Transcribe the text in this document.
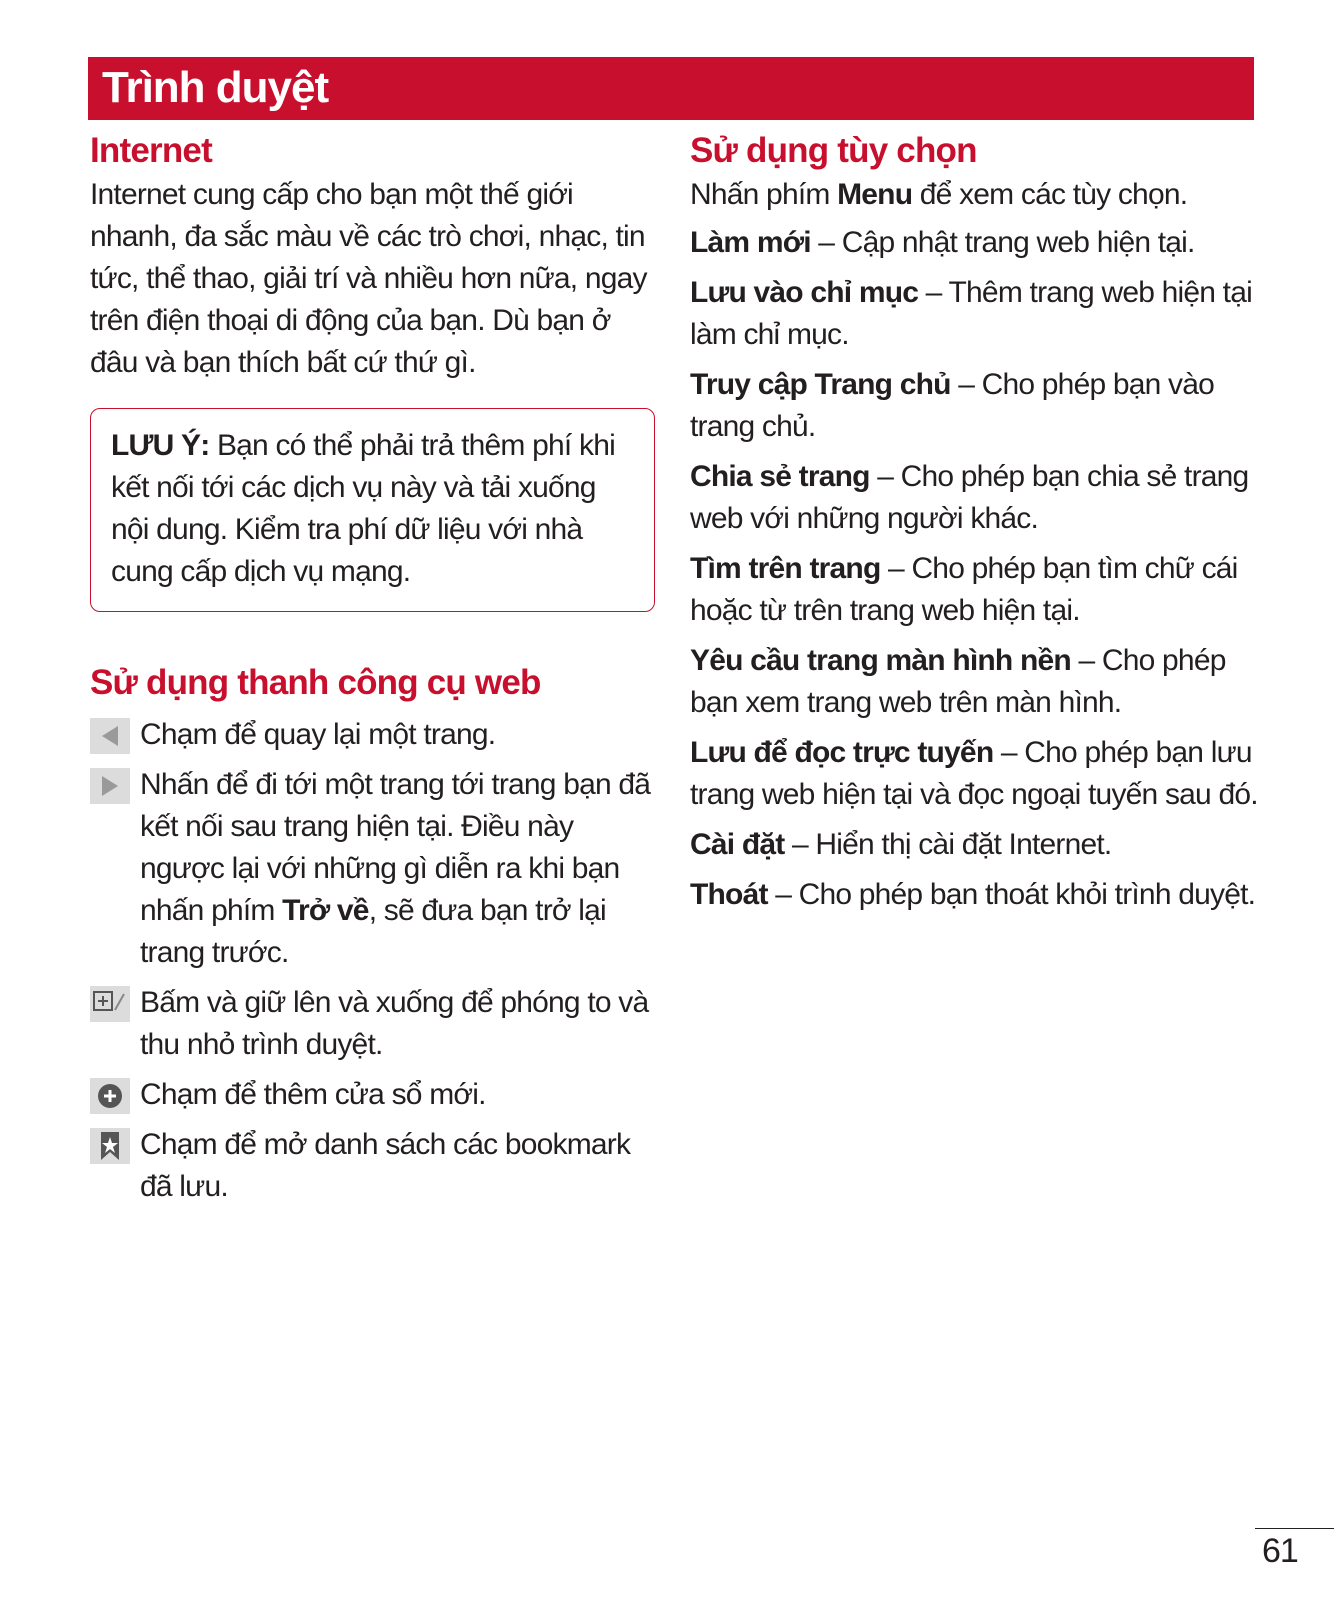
Trình duyệt
Internet

Internet cung cấp cho bạn một thế giới nhanh, đa sắc màu về các trò chơi, nhạc, tin tức, thể thao, giải trí và nhiều hơn nữa, ngay trên điện thoại di động của bạn. Dù bạn ở đâu và bạn thích bất cứ thứ gì.

LƯU Ý: Bạn có thể phải trả thêm phí khi kết nối tới các dịch vụ này và tải xuống nội dung. Kiểm tra phí dữ liệu với nhà cung cấp dịch vụ mạng.

Sử dụng thanh công cụ web

Chạm để quay lại một trang.

Nhấn để đi tới một trang tới trang bạn đã kết nối sau trang hiện tại. Điều này ngược lại với những gì diễn ra khi bạn nhấn phím Trở về, sẽ đưa bạn trở lại trang trước.

Bấm và giữ lên và xuống để phóng to và thu nhỏ trình duyệt.

Chạm để thêm cửa sổ mới.

Chạm để mở danh sách các bookmark đã lưu.

Sử dụng tùy chọn

Nhấn phím Menu để xem các tùy chọn.

Làm mới – Cập nhật trang web hiện tại.

Lưu vào chỉ mục – Thêm trang web hiện tại làm chỉ mục.

Truy cập Trang chủ – Cho phép bạn vào trang chủ.

Chia sẻ trang – Cho phép bạn chia sẻ trang web với những người khác.

Tìm trên trang – Cho phép bạn tìm chữ cái hoặc từ trên trang web hiện tại.

Yêu cầu trang màn hình nền – Cho phép bạn xem trang web trên màn hình.

Lưu để đọc trực tuyến – Cho phép bạn lưu trang web hiện tại và đọc ngoại tuyến sau đó.

Cài đặt – Hiển thị cài đặt Internet.

Thoát – Cho phép bạn thoát khỏi trình duyệt.

61
